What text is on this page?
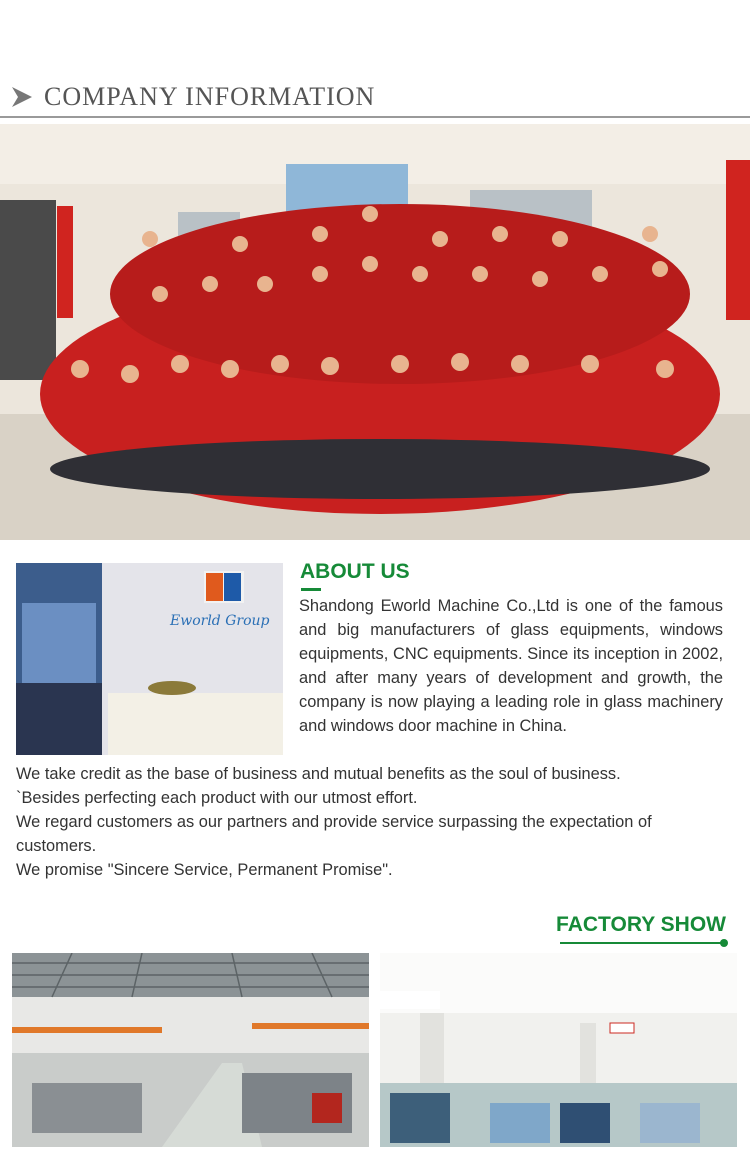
COMPANY INFORMATION
Eworld Group
ABOUT US
Shandong Eworld Machine Co.,Ltd is one of the famous and big manufacturers of glass equipments, windows equipments, CNC equipments. Since its inception in 2002, and after many years of development and growth, the company is now playing a leading role in glass machinery and windows door machine in China.

We take credit as the base of business and mutual benefits as the soul of business.

`Besides perfecting each product with our utmost effort.

We regard customers as our partners and provide service surpassing the expectation of customers.

We promise "Sincere Service, Permanent Promise".

FACTORY SHOW
